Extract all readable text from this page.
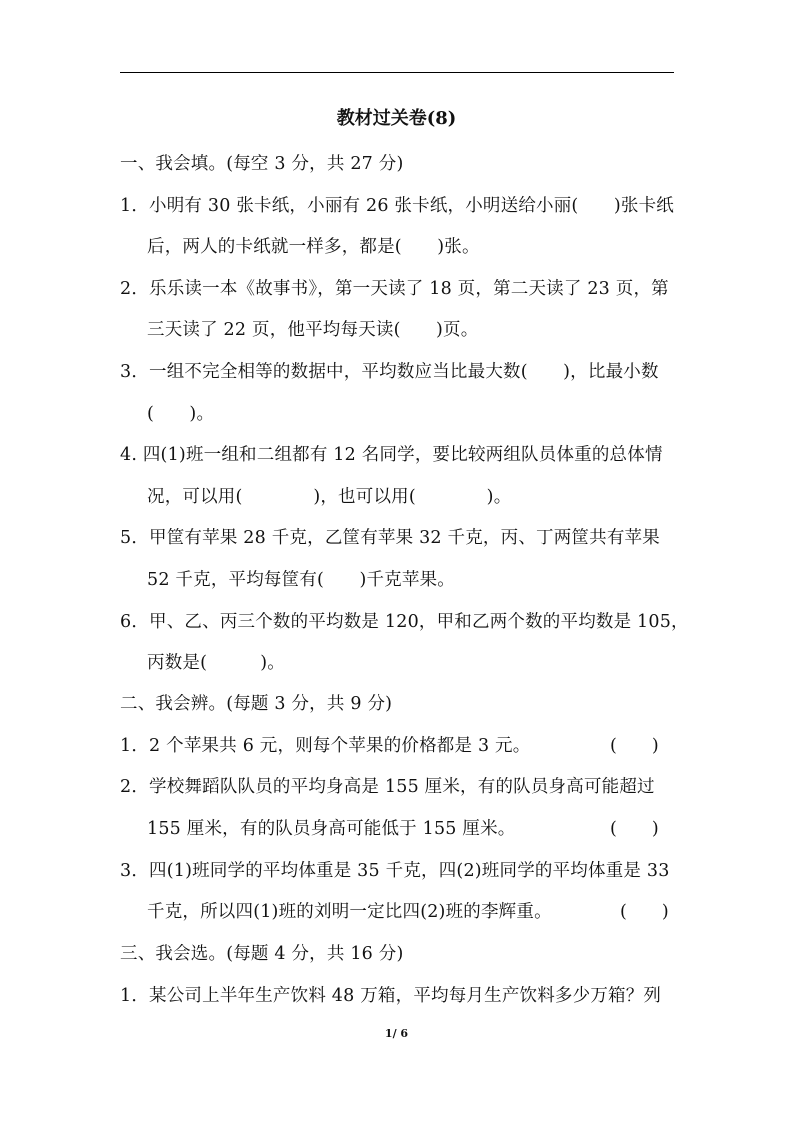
教材过关卷(8)
一、我会填。(每空 3 分，共 27 分)
1．小明有 30 张卡纸，小丽有 26 张卡纸，小明送给小丽(　　)张卡纸
后，两人的卡纸就一样多，都是(　　)张。
2．乐乐读一本《故事书》，第一天读了 18 页，第二天读了 23 页，第
三天读了 22 页，他平均每天读(　　)页。
3．一组不完全相等的数据中，平均数应当比最大数(　　)，比最小数
(　　)。
4. 四(1)班一组和二组都有 12 名同学，要比较两组队员体重的总体情
况，可以用(　　　　)，也可以用(　　　　)。
5．甲筐有苹果 28 千克，乙筐有苹果 32 千克，丙、丁两筐共有苹果
52 千克，平均每筐有(　　)千克苹果。
6．甲、乙、丙三个数的平均数是 120，甲和乙两个数的平均数是 105，
丙数是(　　　)。
二、我会辨。(每题 3 分，共 9 分)
1．2 个苹果共 6 元，则每个苹果的价格都是 3 元。	(　　)
2．学校舞蹈队队员的平均身高是 155 厘米，有的队员身高可能超过
155 厘米，有的队员身高可能低于 155 厘米。	(　　)
3．四(1)班同学的平均体重是 35 千克，四(2)班同学的平均体重是 33
千克，所以四(1)班的刘明一定比四(2)班的李辉重。	(　　)
三、我会选。(每题 4 分，共 16 分)
1．某公司上半年生产饮料 48 万箱，平均每月生产饮料多少万箱？列
1/ 6
